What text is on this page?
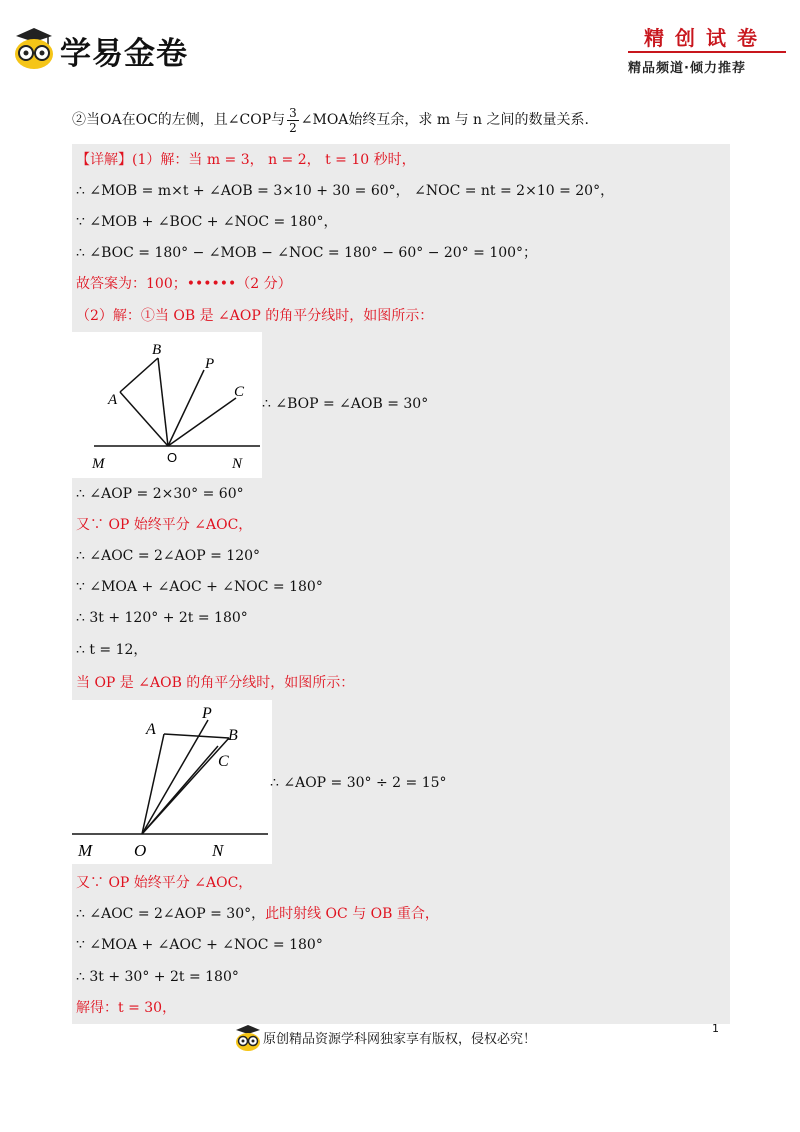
学易金卷	精创试卷
精品频道·倾力推荐
②当OA在OC的左侧，且∠COP与 $\frac{3}{2}$ ∠MOA始终互余，求 m 与 n 之间的数量关系.
【详解】(1）解：当 m = 3， n = 2， t = 10 秒时，
∴ ∠MOB = m×t + ∠AOB = 3×10 + 30 = 60°， ∠NOC = nt = 2×10 = 20°，
∵ ∠MOB + ∠BOC + ∠NOC = 180°，
∴ ∠BOC = 180° − ∠MOB − ∠NOC = 180° − 60° − 20° = 100°；
故答案为：100；••••••（2 分）
（2）解：①当 OB 是 ∠AOP 的角平分线时，如图所示：
A
B
P
C
M	O	N
∴ ∠BOP = ∠AOB = 30°
∴ ∠AOP = 2×30° = 60°
又∵ OP 始终平分 ∠AOC，
∴ ∠AOC = 2∠AOP = 120°
∵ ∠MOA + ∠AOC + ∠NOC = 180°
∴ 3t + 120° + 2t = 180°
∴ t = 12，
当 OP 是 ∠AOB 的角平分线时，如图所示：
A
P
B
C
M O	N
∴ ∠AOP = 30° ÷ 2 = 15°
又∵ OP 始终平分 ∠AOC，
∴ ∠AOC = 2∠AOP = 30°，此时射线 OC 与 OB 重合，
∵ ∠MOA + ∠AOC + ∠NOC = 180°
∴ 3t + 30° + 2t = 180°
解得：t = 30，
原创精品资源学科网独家享有版权，侵权必究！
1
